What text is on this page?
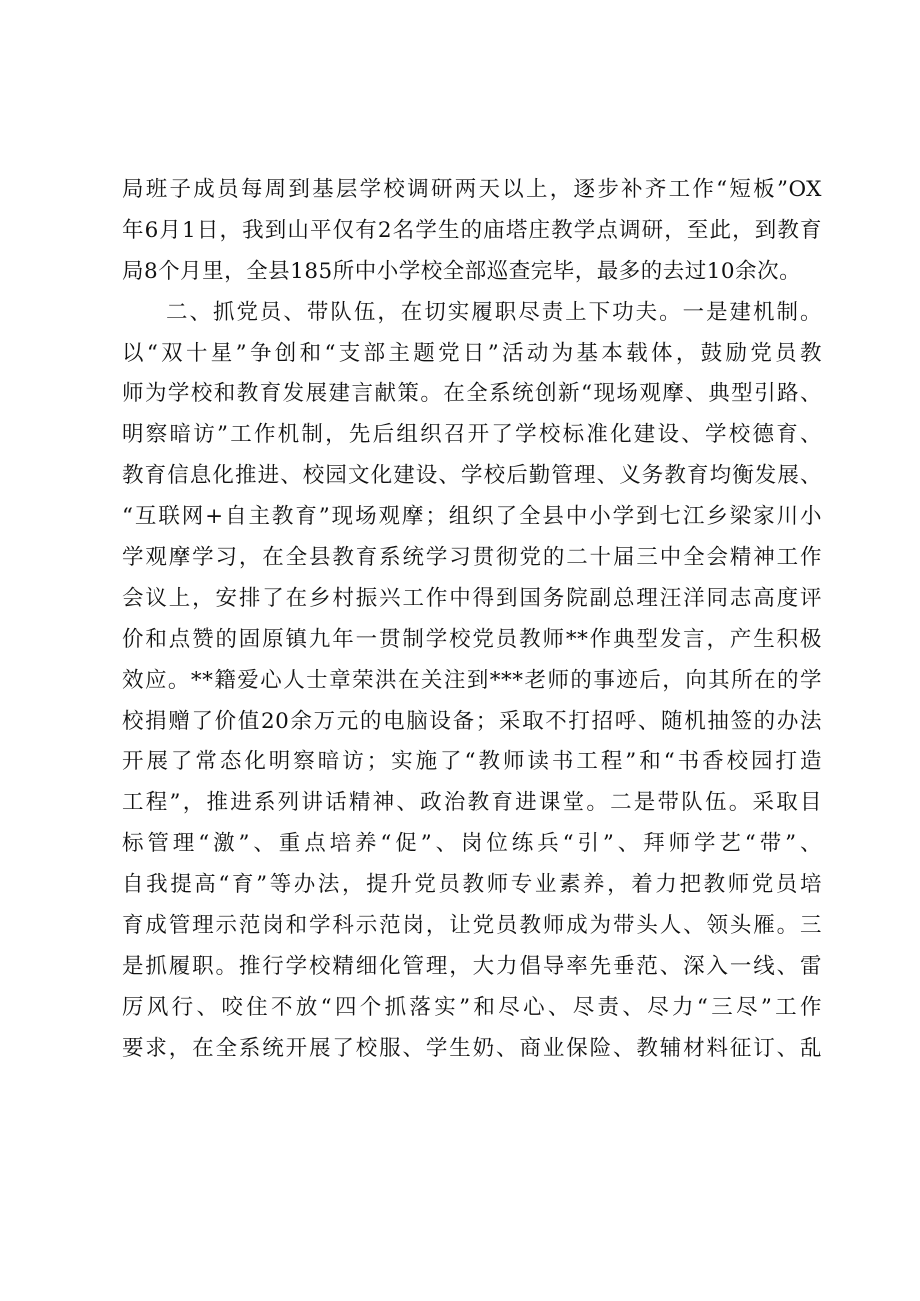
局班子成员每周到基层学校调研两天以上，逐步补齐工作“短板”OX
年6月1日，我到山平仅有2名学生的庙塔庄教学点调研，至此，到教育
局8个月里，全县185所中小学校全部巡查完毕，最多的去过10余次。
二、抓党员、带队伍，在切实履职尽责上下功夫。一是建机制。
以“双十星”争创和“支部主题党日”活动为基本载体，鼓励党员教
师为学校和教育发展建言献策。在全系统创新“现场观摩、典型引路、
明察暗访”工作机制，先后组织召开了学校标准化建设、学校德育、
教育信息化推进、校园文化建设、学校后勤管理、义务教育均衡发展、
“互联网+自主教育”现场观摩；组织了全县中小学到七江乡梁家川小
学观摩学习，在全县教育系统学习贯彻党的二十届三中全会精神工作
会议上，安排了在乡村振兴工作中得到国务院副总理汪洋同志高度评
价和点赞的固原镇九年一贯制学校党员教师**作典型发言，产生积极
效应。**籍爱心人士章荣洪在关注到***老师的事迹后，向其所在的学
校捐赠了价值20余万元的电脑设备；采取不打招呼、随机抽签的办法
开展了常态化明察暗访；实施了“教师读书工程”和“书香校园打造
工程”，推进系列讲话精神、政治教育进课堂。二是带队伍。采取目
标管理“激”、重点培养“促”、岗位练兵“引”、拜师学艺“带”、
自我提高“育”等办法，提升党员教师专业素养，着力把教师党员培
育成管理示范岗和学科示范岗，让党员教师成为带头人、领头雁。三
是抓履职。推行学校精细化管理，大力倡导率先垂范、深入一线、雷
厉风行、咬住不放“四个抓落实”和尽心、尽责、尽力“三尽”工作
要求，在全系统开展了校服、学生奶、商业保险、教辅材料征订、乱
